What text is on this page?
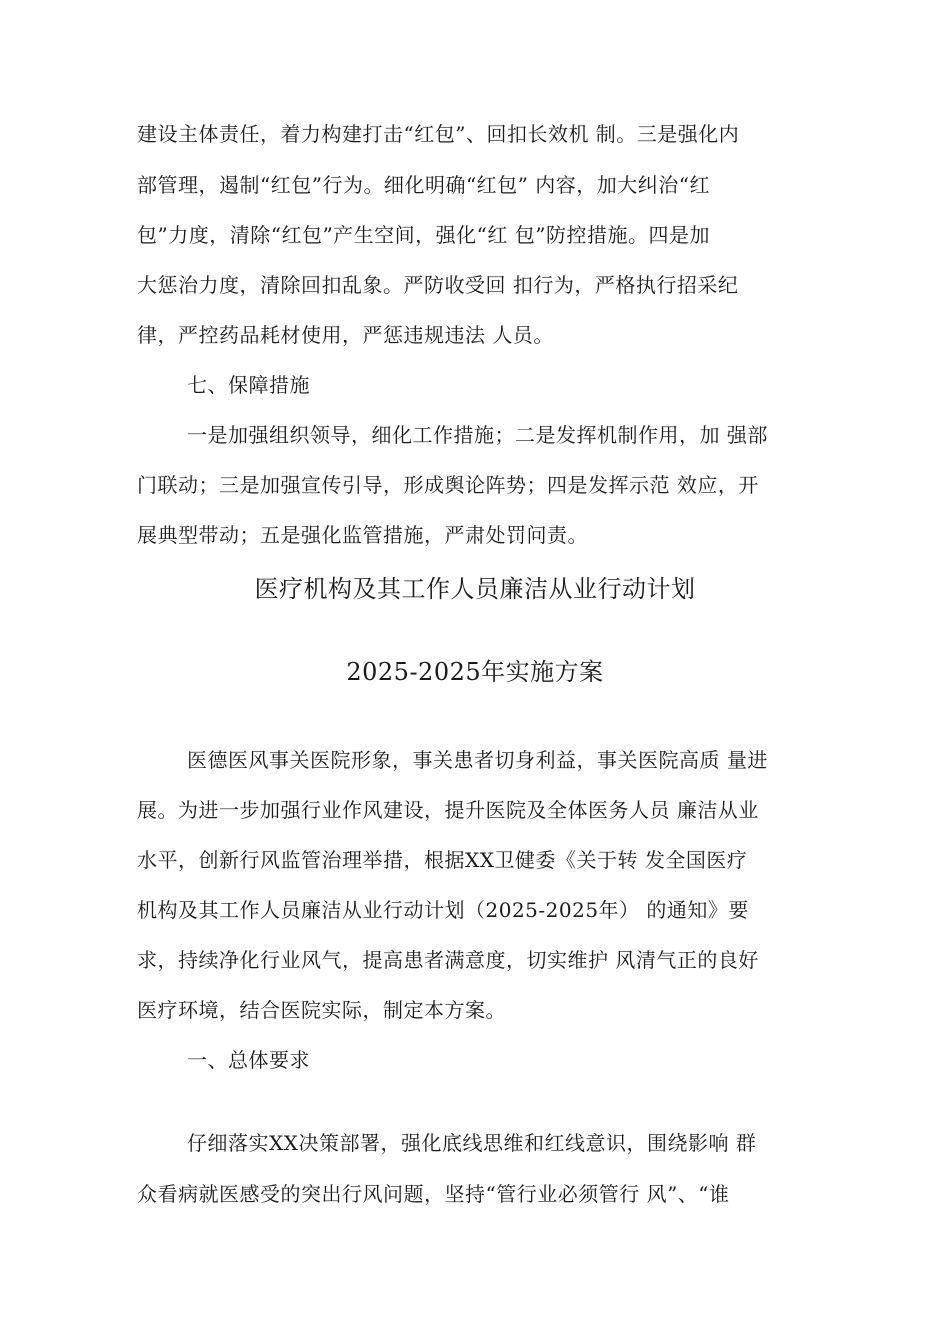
建设主体责任，着力构建打击“红包”、回扣长效机 制。三是强化内

部管理，遏制“红包”行为。细化明确“红包” 内容，加大纠治“红

包”力度，清除“红包”产生空间，强化“红 包”防控措施。四是加

大惩治力度，清除回扣乱象。严防收受回 扣行为，严格执行招采纪

律，严控药品耗材使用，严惩违规违法 人员。

七、保障措施

一是加强组织领导，细化工作措施；二是发挥机制作用，加 强部

门联动；三是加强宣传引导，形成舆论阵势；四是发挥示范 效应，开

展典型带动；五是强化监管措施，严肃处罚问责。

医疗机构及其工作人员廉洁从业行动计划
2025-2025年实施方案

医德医风事关医院形象，事关患者切身利益，事关医院高质 量进

展。为进一步加强行业作风建设，提升医院及全体医务人员 廉洁从业

水平，创新行风监管治理举措，根据XX卫健委《关于转 发全国医疗

机构及其工作人员廉洁从业行动计划（2025-2025年） 的通知》要

求，持续净化行业风气，提高患者满意度，切实维护 风清气正的良好

医疗环境，结合医院实际，制定本方案。

一、总体要求

仔细落实XX决策部署，强化底线思维和红线意识，围绕影响 群

众看病就医感受的突出行风问题，坚持“管行业必须管行 风”、“谁
